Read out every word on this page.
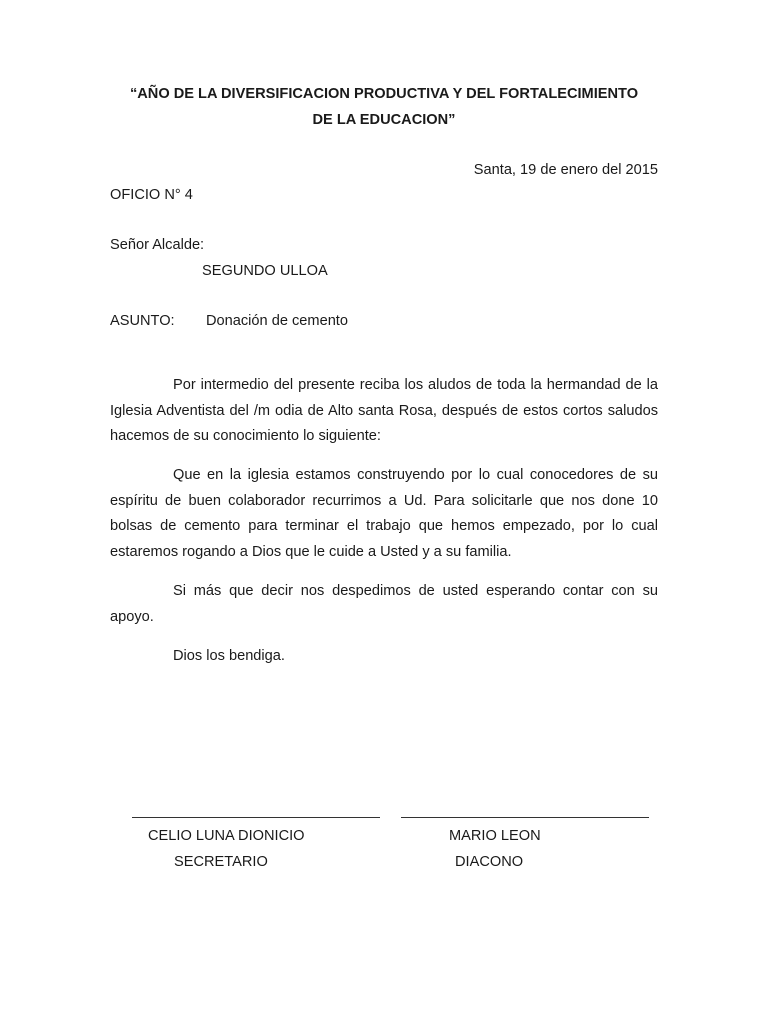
“AÑO DE LA DIVERSIFICACION PRODUCTIVA Y DEL FORTALECIMIENTO
DE LA EDUCACION”
Santa, 19 de enero del 2015
OFICIO N° 4
Señor Alcalde:
SEGUNDO ULLOA
ASUNTO: Donación de cemento
Por intermedio del presente reciba los aludos de toda la hermandad de la Iglesia Adventista del /m odia de Alto santa Rosa, después de estos cortos saludos hacemos de su conocimiento lo siguiente:
Que en la iglesia estamos construyendo por lo cual conocedores de su espíritu de buen colaborador recurrimos a Ud. Para solicitarle que nos done 10 bolsas de cemento para terminar el trabajo que hemos empezado, por lo cual estaremos rogando a Dios que le cuide a Usted y a su familia.
Si más que decir nos despedimos de usted esperando contar con su apoyo.
Dios los bendiga.
CELIO LUNA DIONICIO
SECRETARIO
MARIO LEON
DIACONO
